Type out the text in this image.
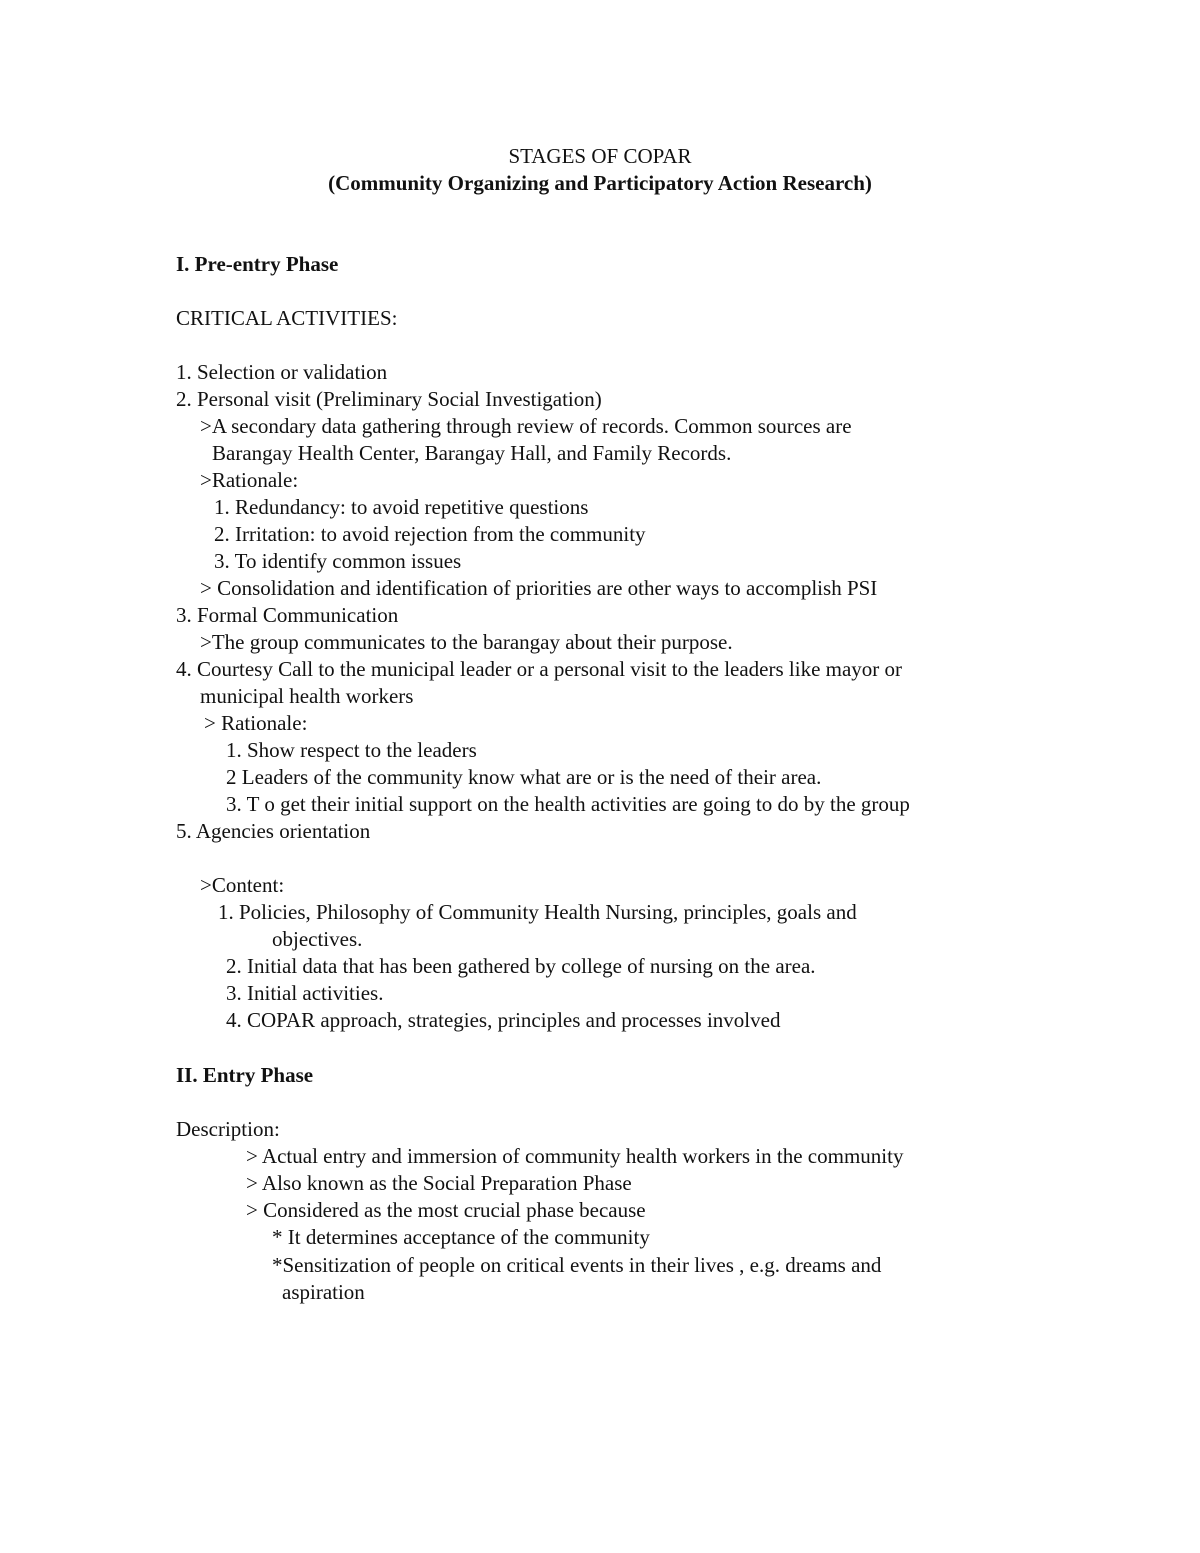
STAGES OF COPAR

(Community Organizing and Participatory Action Research)

I. Pre-entry Phase

CRITICAL ACTIVITIES:

1. Selection or validation

2. Personal visit (Preliminary Social Investigation)

>A secondary data gathering through review of records. Common sources are

Barangay Health Center, Barangay Hall, and Family Records.

>Rationale:

1. Redundancy: to avoid repetitive questions

2. Irritation: to avoid rejection from the community

3. To identify common issues

> Consolidation and identification of priorities are other ways to accomplish PSI

3. Formal Communication

>The group communicates to the barangay about their purpose.

4. Courtesy Call to the municipal leader or a personal visit to the leaders like mayor or

municipal health workers

> Rationale:

1. Show respect to the leaders

2 Leaders of the community know what are or is the need of their area.

3. T o get their initial support on the health activities are going to do by the group

5. Agencies orientation

>Content:

1. Policies, Philosophy of Community Health Nursing, principles, goals and

objectives.

2. Initial data that has been gathered by college of nursing on the area.

3. Initial activities.

4. COPAR approach, strategies, principles and processes involved

II. Entry Phase

Description:

> Actual entry and immersion of community health workers in the community

> Also known as the Social Preparation Phase

> Considered as the most crucial phase because

* It determines acceptance of the community

*Sensitization of people on critical events in their lives , e.g. dreams and

aspiration
